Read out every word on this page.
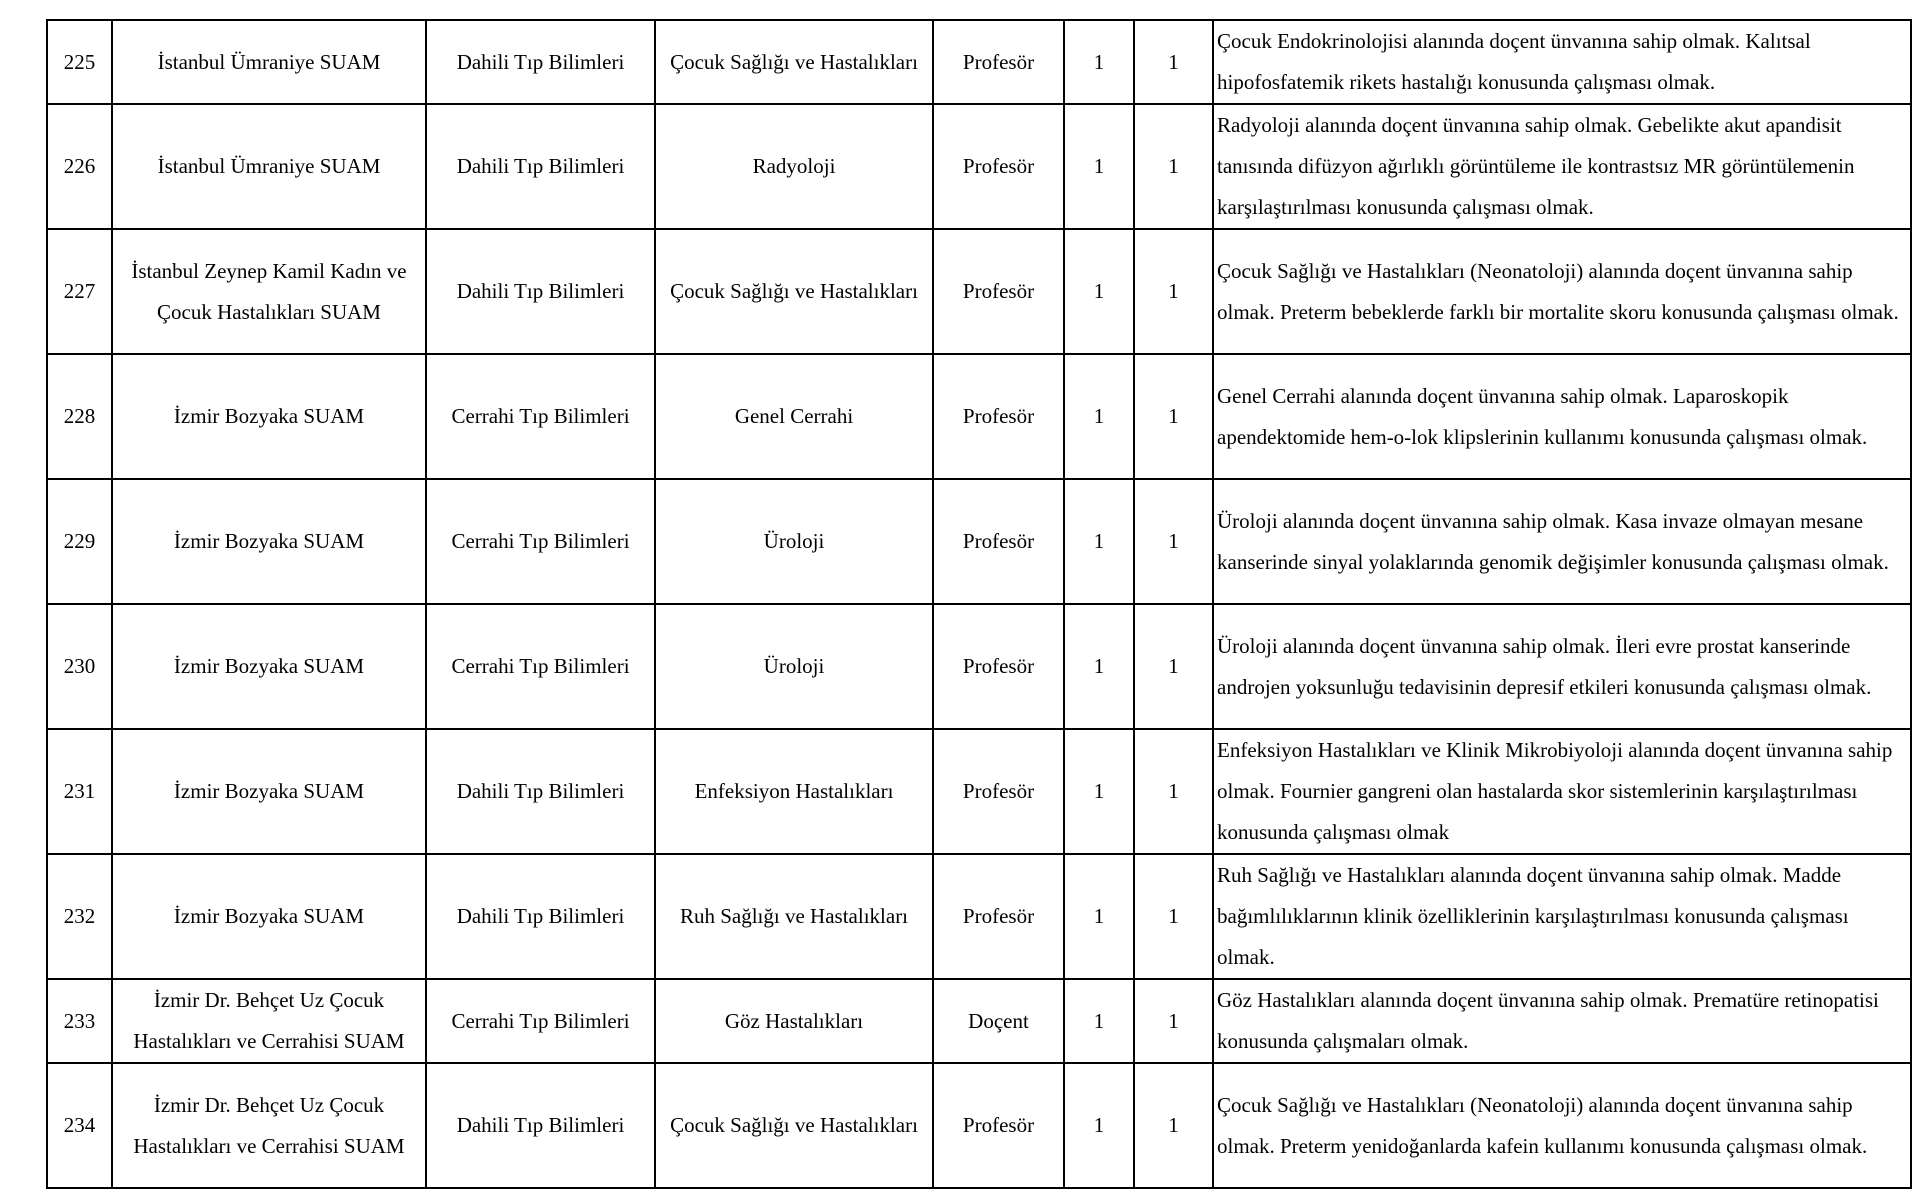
225	İstanbul Ümraniye SUAM	Dahili Tıp Bilimleri	Çocuk Sağlığı ve Hastalıkları	Profesör	1	1	Çocuk Endokrinolojisi alanında doçent ünvanına sahip olmak. Kalıtsal hipofosfatemik rikets hastalığı konusunda çalışması olmak.
226	İstanbul Ümraniye SUAM	Dahili Tıp Bilimleri	Radyoloji	Profesör	1	1	Radyoloji alanında doçent ünvanına sahip olmak. Gebelikte akut apandisit tanısında difüzyon ağırlıklı görüntüleme ile kontrastsız MR görüntülemenin karşılaştırılması konusunda çalışması olmak.
227	İstanbul Zeynep Kamil Kadın ve Çocuk Hastalıkları SUAM	Dahili Tıp Bilimleri	Çocuk Sağlığı ve Hastalıkları	Profesör	1	1	Çocuk Sağlığı ve Hastalıkları (Neonatoloji) alanında doçent ünvanına sahip olmak. Preterm bebeklerde farklı bir mortalite skoru konusunda çalışması olmak.
228	İzmir Bozyaka SUAM	Cerrahi Tıp Bilimleri	Genel Cerrahi	Profesör	1	1	Genel Cerrahi alanında doçent ünvanına sahip olmak. Laparoskopik apendektomide hem-o-lok klipslerinin kullanımı konusunda çalışması olmak.
229	İzmir Bozyaka SUAM	Cerrahi Tıp Bilimleri	Üroloji	Profesör	1	1	Üroloji alanında doçent ünvanına sahip olmak. Kasa invaze olmayan mesane kanserinde sinyal yolaklarında genomik değişimler konusunda çalışması olmak.
230	İzmir Bozyaka SUAM	Cerrahi Tıp Bilimleri	Üroloji	Profesör	1	1	Üroloji alanında doçent ünvanına sahip olmak. İleri evre prostat kanserinde androjen yoksunluğu tedavisinin depresif etkileri konusunda çalışması olmak.
231	İzmir Bozyaka SUAM	Dahili Tıp Bilimleri	Enfeksiyon Hastalıkları	Profesör	1	1	Enfeksiyon Hastalıkları ve Klinik Mikrobiyoloji alanında doçent ünvanına sahip olmak. Fournier gangreni olan hastalarda skor sistemlerinin karşılaştırılması konusunda çalışması olmak
232	İzmir Bozyaka SUAM	Dahili Tıp Bilimleri	Ruh Sağlığı ve Hastalıkları	Profesör	1	1	Ruh Sağlığı ve Hastalıkları alanında doçent ünvanına sahip olmak. Madde bağımlılıklarının klinik özelliklerinin karşılaştırılması konusunda çalışması olmak.
233	İzmir Dr. Behçet Uz Çocuk Hastalıkları ve Cerrahisi SUAM	Cerrahi Tıp Bilimleri	Göz Hastalıkları	Doçent	1	1	Göz Hastalıkları alanında doçent ünvanına sahip olmak. Prematüre retinopatisi konusunda çalışmaları olmak.
234	İzmir Dr. Behçet Uz Çocuk Hastalıkları ve Cerrahisi SUAM	Dahili Tıp Bilimleri	Çocuk Sağlığı ve Hastalıkları	Profesör	1	1	Çocuk Sağlığı ve Hastalıkları (Neonatoloji) alanında doçent ünvanına sahip olmak. Preterm yenidoğanlarda kafein kullanımı konusunda çalışması olmak.
